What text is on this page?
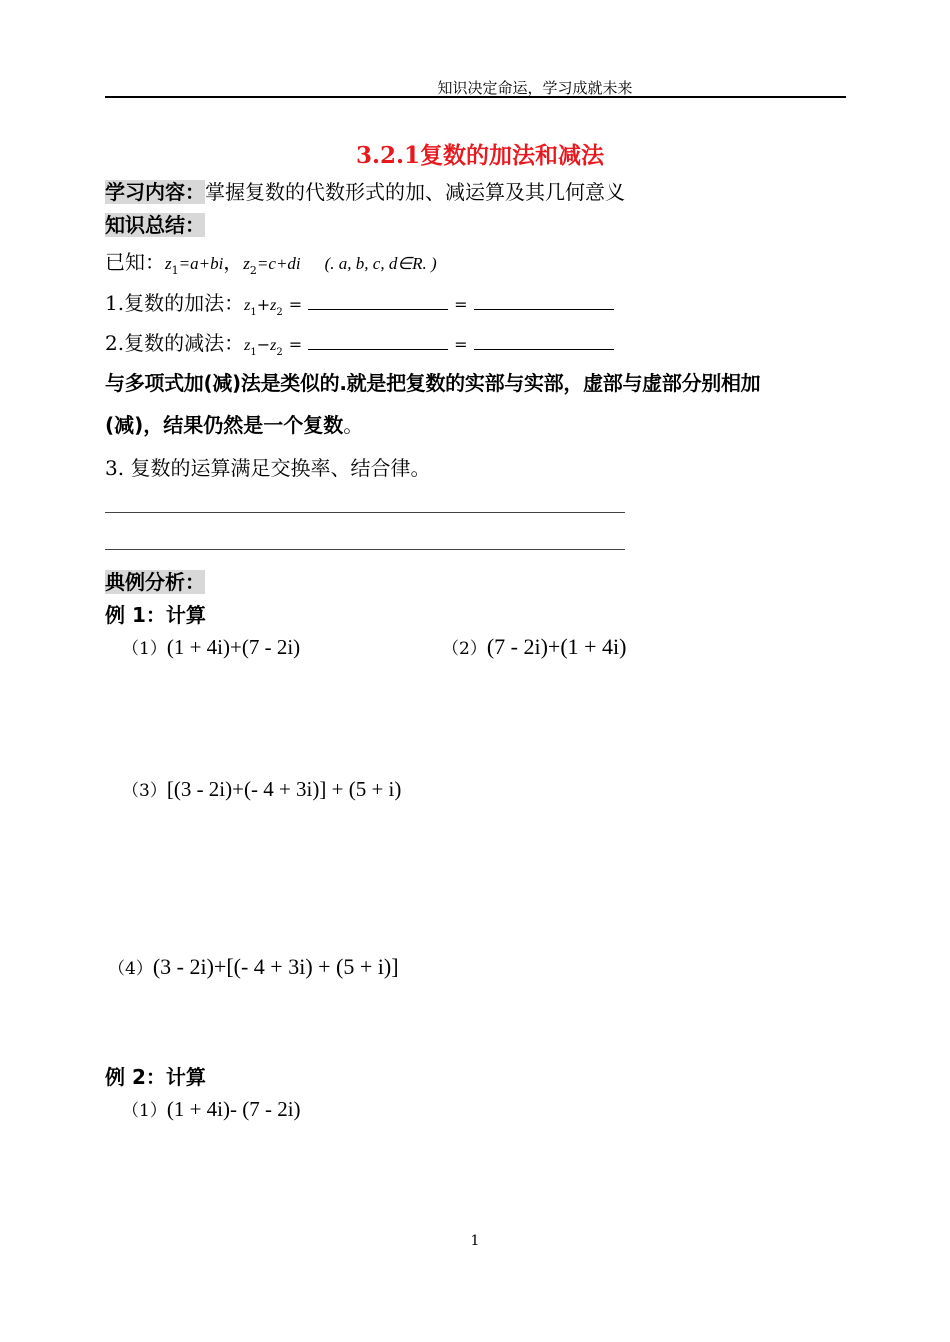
知识决定命运，学习成就未来
3.2.1复数的加法和减法
学习内容：掌握复数的代数形式的加、减运算及其几何意义
知识总结：
已知：$z_1=a+bi$，$z_2=c+di$ (. a, b, c, d∈R. )
1.复数的加法：$z_1+z_2$ =	=
2.复数的减法：$z_1-z_2$ =	=
与多项式加(减)法是类似的.就是把复数的实部与实部，虚部与虚部分别相加
(减)，结果仍然是一个复数。
3. 复数的运算满足交换率、结合律。
典例分析：
例 1：计算
（1）(1 + 4i)+(7 - 2i)	（2）(7 - 2i)+(1 + 4i)
（3）[(3 - 2i)+(- 4 + 3i)] + (5 + i)
（4）(3 - 2i)+[(- 4 + 3i) + (5 + i)]
例 2：计算
（1）(1 + 4i)- (7 - 2i)
1
